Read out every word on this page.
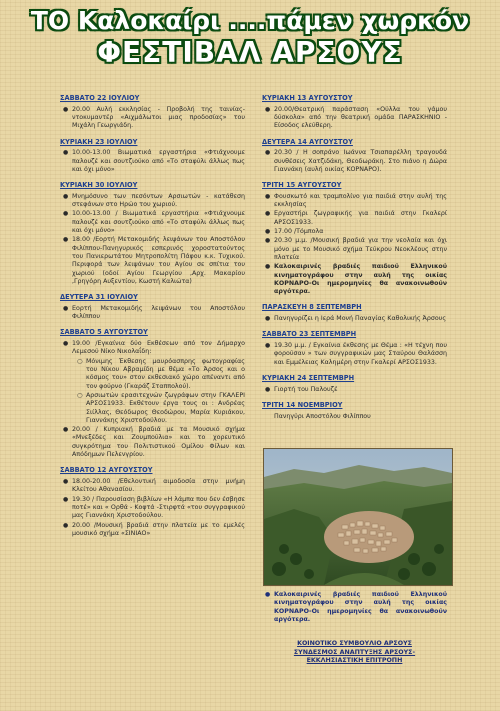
ΤΟ Καλοκαίρι ....πάμεν χωρκόν
ΦΕΣΤΙΒΑΛ ΑΡΣΟΥΣ
ΣΑΒΒΑΤΟ 22 ΙΟΥΛΙΟΥ
● 20.00 Αυλή εκκλησίας - Προβολή της ταινίας-ντοκυμαντέρ «Αιχμάλωτοι μιας προδοσίας» του Μιχάλη Γεωργιάδη.
ΚΥΡΙΑΚΗ 23 ΙΟΥΛΙΟΥ
● 10.00-13.00 Βιωματικά εργαστήρια «Φτιάχνουμε παλουζέ και σουτζιούκο από «Το σταφύλι άλλως πως και όχι μόνο»
ΚΥΡΙΑΚΗ 30 ΙΟΥΛΙΟΥ
● Μνημόσυνο των πεσόντων Αρσιωτών - κατάθεση στεφάνων στο Ηρώο του χωριού.
● 10.00-13.00 / Βιωματικά εργαστήρια «Φτιάχνουμε παλουζέ και σουτζιούκο από «Το σταφύλι άλλως πως και όχι μόνο»
● 18.00 /Εορτή Μετακομιδής λειψάνων του Αποστόλου Φιλίππου-Πανηγυρικός εσπερινός χοροστατούντος του Πανιερωτάτου Μητροπολίτη Πάφου κ.κ. Τυχικού. Περιφορά των λειψάνων του Αγίου σε σπίτια του χωριού (οδοί Αγίου Γεωργίου ,Αρχ. Μακαρίου ,Γρηγόρη Αυξεντίου, Κωστή Καλιώτα)
ΔΕΥΤΕΡΑ 31 ΙΟΥΛΙΟΥ
● Εορτή Μετακομιδής λειψάνων του Αποστόλου Φιλίππου
ΣΑΒΒΑΤΟ 5 ΑΥΓΟΥΣΤΟΥ
● 19.00 /Εγκαίνια δύο Εκθέσεων από τον Δήμαρχο Λεμεσού Νίκο Νικολαΐδη:
○ Μόνιμης Έκθεσης μαυρόασπρης φωτογραφίας του Νίκου Αβραμίδη με θέμα «Το Άρσος και ο κόσμος του» στον εκθεσιακό χώρο απέναντι από τον φούρνο (Γκαράζ Σταππολού).
○ Αρσιωτών ερασιτεχνών ζωγράφων στην ΓΚΑΛΕΡΙ ΑΡΣΟΣ1933. Εκθέτουν έργα τους οι : Ανδρέας Σιίλλας, Θεόδωρος Θεοδώρου, Μαρία Κυριάκου, Γιαννάκης Χριστοδούλου.
● 20.00 / Κυπριακή βραδιά με τα Μουσικό σχήμα «Μνεξέδες και Ζουμπούλια» και το χορευτικό συγκρότημα του Πολιτιστικού Ομίλου Φίλων και Απόδημων Πελενγρίου.
ΣΑΒΒΑΤΟ 12 ΑΥΓΟΥΣΤΟΥ
● 18.00-20.00 /Εθελοντική αιμοδοσία στην μνήμη Κλείτου Αθανασίου.
● 19.30 / Παρουσίαση βιβλίων «Η λάμπα που δεν έσβησε ποτέ» και « Ορθά - Κοφτά -Στιρφτά «του συγγραφικού μας Γιαννάκη Χριστοδούλου.
● 20.00 /Μουσική βραδιά στην πλατεία με το εμελές μουσικό σχήμα «ΣΙΝΙΑΟ»
ΚΥΡΙΑΚΗ 13 ΑΥΓΟΥΣΤΟΥ
● 20.00/Θεατρική παράσταση «Ούλλα του γάμου δύσκολα» από την θεατρική ομάδα ΠΑΡΑΣΚΗΝΙΟ - Είσοδος ελεύθερη.
ΔΕΥΤΕΡΑ 14 ΑΥΓΟΥΣΤΟΥ
● 20.30 / Η σοπράνο Ιωάννα Τσιαπαρέλλη τραγουδά συνθέσεις Χατζιδάκη, Θεοδωράκη. Στο πιάνο η Δώρα Γιαννάκη (αυλή οικίας ΚΟΡΝΑΡΟ).
ΤΡΙΤΗ 15 ΑΥΓΟΥΣΤΟΥ
● Φουσκωτό και τραμπολίνο για παιδιά στην αυλή της εκκλησίας
● Εργαστήρι ζωγραφικής για παιδιά στην Γκαλερί ΑΡΣΟΣ1933.
● 17.00 /Τόμπολα
● 20.30 μ.μ. /Μουσική βραδιά για την νεολαία και όχι μόνο με το Μουσικό σχήμα Τεύκρου Νεοκλέους στην πλατεία
● Καλοκαιρινές βραδιές παιδιού Ελληνικού κινηματογράφου στην αυλή της οικίας ΚΟΡΝΑΡΟ-Οι ημερομηνίες θα ανακοινωθούν αργότερα.
ΠΑΡΑΣΚΕΥΗ 8 ΣΕΠΤΕΜΒΡΗ
● Πανηγυρίζει η Ιερά Μονή Παναγίας Καθολικής Άρσους
ΣΑΒΒΑΤΟ 23 ΣΕΠΤΕΜΒΡΗ
● 19.30 μ.μ. / Εγκαίνια έκθεσης με Θέμα : «Η τέχνη που φορούσαν » των συγγραφικών μας Σταύρου Θαλάσση και Εμμέλειας Καλημέρη στην Γκαλερί ΑΡΣΟΣ1933.
ΚΥΡΙΑΚΗ 24 ΣΕΠΤΕΜΒΡΗ
● Γιορτή του Παλουζέ
ΤΡΙΤΗ 14 ΝΟΕΜΒΡΙΟΥ
Πανηγύρι Αποστόλου Φιλίππου
● Καλοκαιρινές βραδιές παιδιού Ελληνικού κινηματογράφου στην αυλή της οικίας ΚΟΡΝΑΡΟ-Οι ημερομηνίες θα ανακοινωθούν αργότερα.
ΚΟΙΝΟΤΙΚΟ ΣΥΜΒΟΥΛΙΟ ΑΡΣΟΥΣ
ΣΥΝΔΕΣΜΟΣ ΑΝΑΠΤΥΞΗΣ ΑΡΣΟΥΣ-
ΕΚΚΛΗΣΙΑΣΤΙΚΗ ΕΠΙΤΡΟΠΗ
